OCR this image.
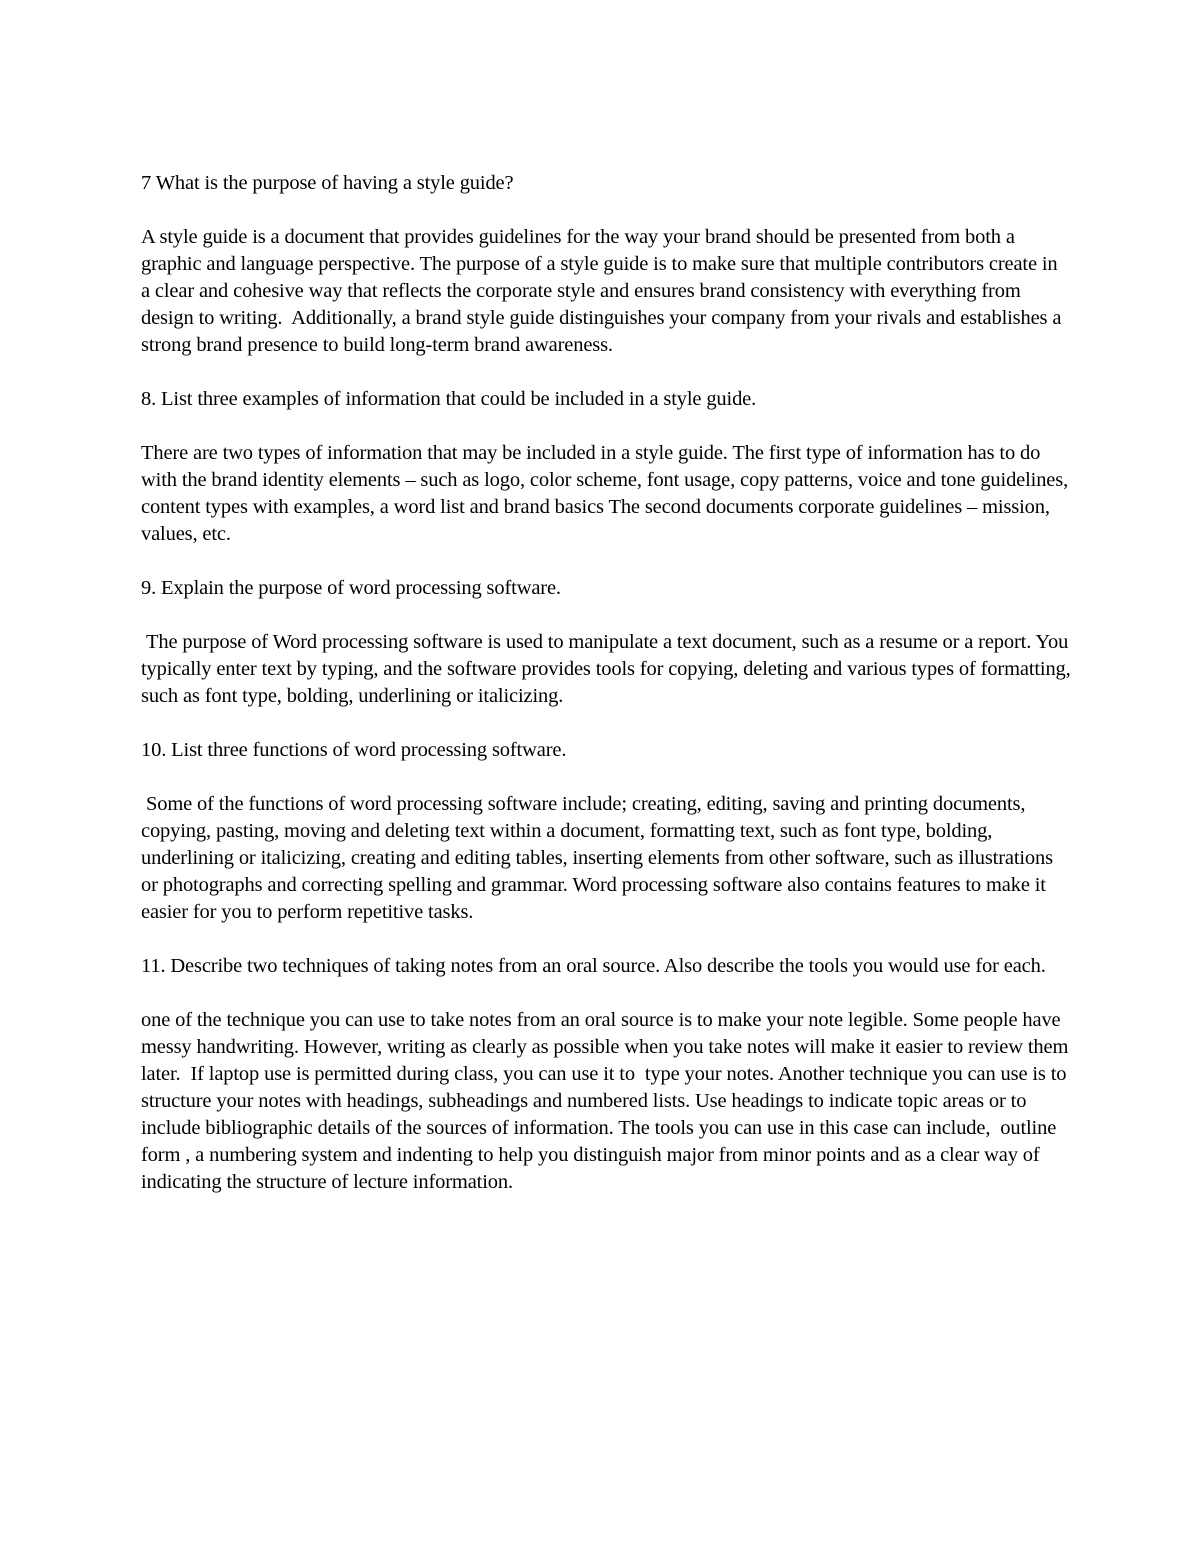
7 What is the purpose of having a style guide?

A style guide is a document that provides guidelines for the way your brand should be presented from both a graphic and language perspective. The purpose of a style guide is to make sure that multiple contributors create in a clear and cohesive way that reflects the corporate style and ensures brand consistency with everything from design to writing.  Additionally, a brand style guide distinguishes your company from your rivals and establishes a strong brand presence to build long-term brand awareness.

8. List three examples of information that could be included in a style guide.

There are two types of information that may be included in a style guide. The first type of information has to do with the brand identity elements – such as logo, color scheme, font usage, copy patterns, voice and tone guidelines, content types with examples, a word list and brand basics The second documents corporate guidelines – mission, values, etc.

9. Explain the purpose of word processing software.

The purpose of Word processing software is used to manipulate a text document, such as a resume or a report. You typically enter text by typing, and the software provides tools for copying, deleting and various types of formatting, such as font type, bolding, underlining or italicizing.

10. List three functions of word processing software.

Some of the functions of word processing software include; creating, editing, saving and printing documents, copying, pasting, moving and deleting text within a document, formatting text, such as font type, bolding, underlining or italicizing, creating and editing tables, inserting elements from other software, such as illustrations or photographs and correcting spelling and grammar. Word processing software also contains features to make it easier for you to perform repetitive tasks.

11. Describe two techniques of taking notes from an oral source. Also describe the tools you would use for each.

one of the technique you can use to take notes from an oral source is to make your note legible. Some people have messy handwriting. However, writing as clearly as possible when you take notes will make it easier to review them later.  If laptop use is permitted during class, you can use it to  type your notes. Another technique you can use is to structure your notes with headings, subheadings and numbered lists. Use headings to indicate topic areas or to include bibliographic details of the sources of information. The tools you can use in this case can include,  outline form , a numbering system and indenting to help you distinguish major from minor points and as a clear way of indicating the structure of lecture information.
